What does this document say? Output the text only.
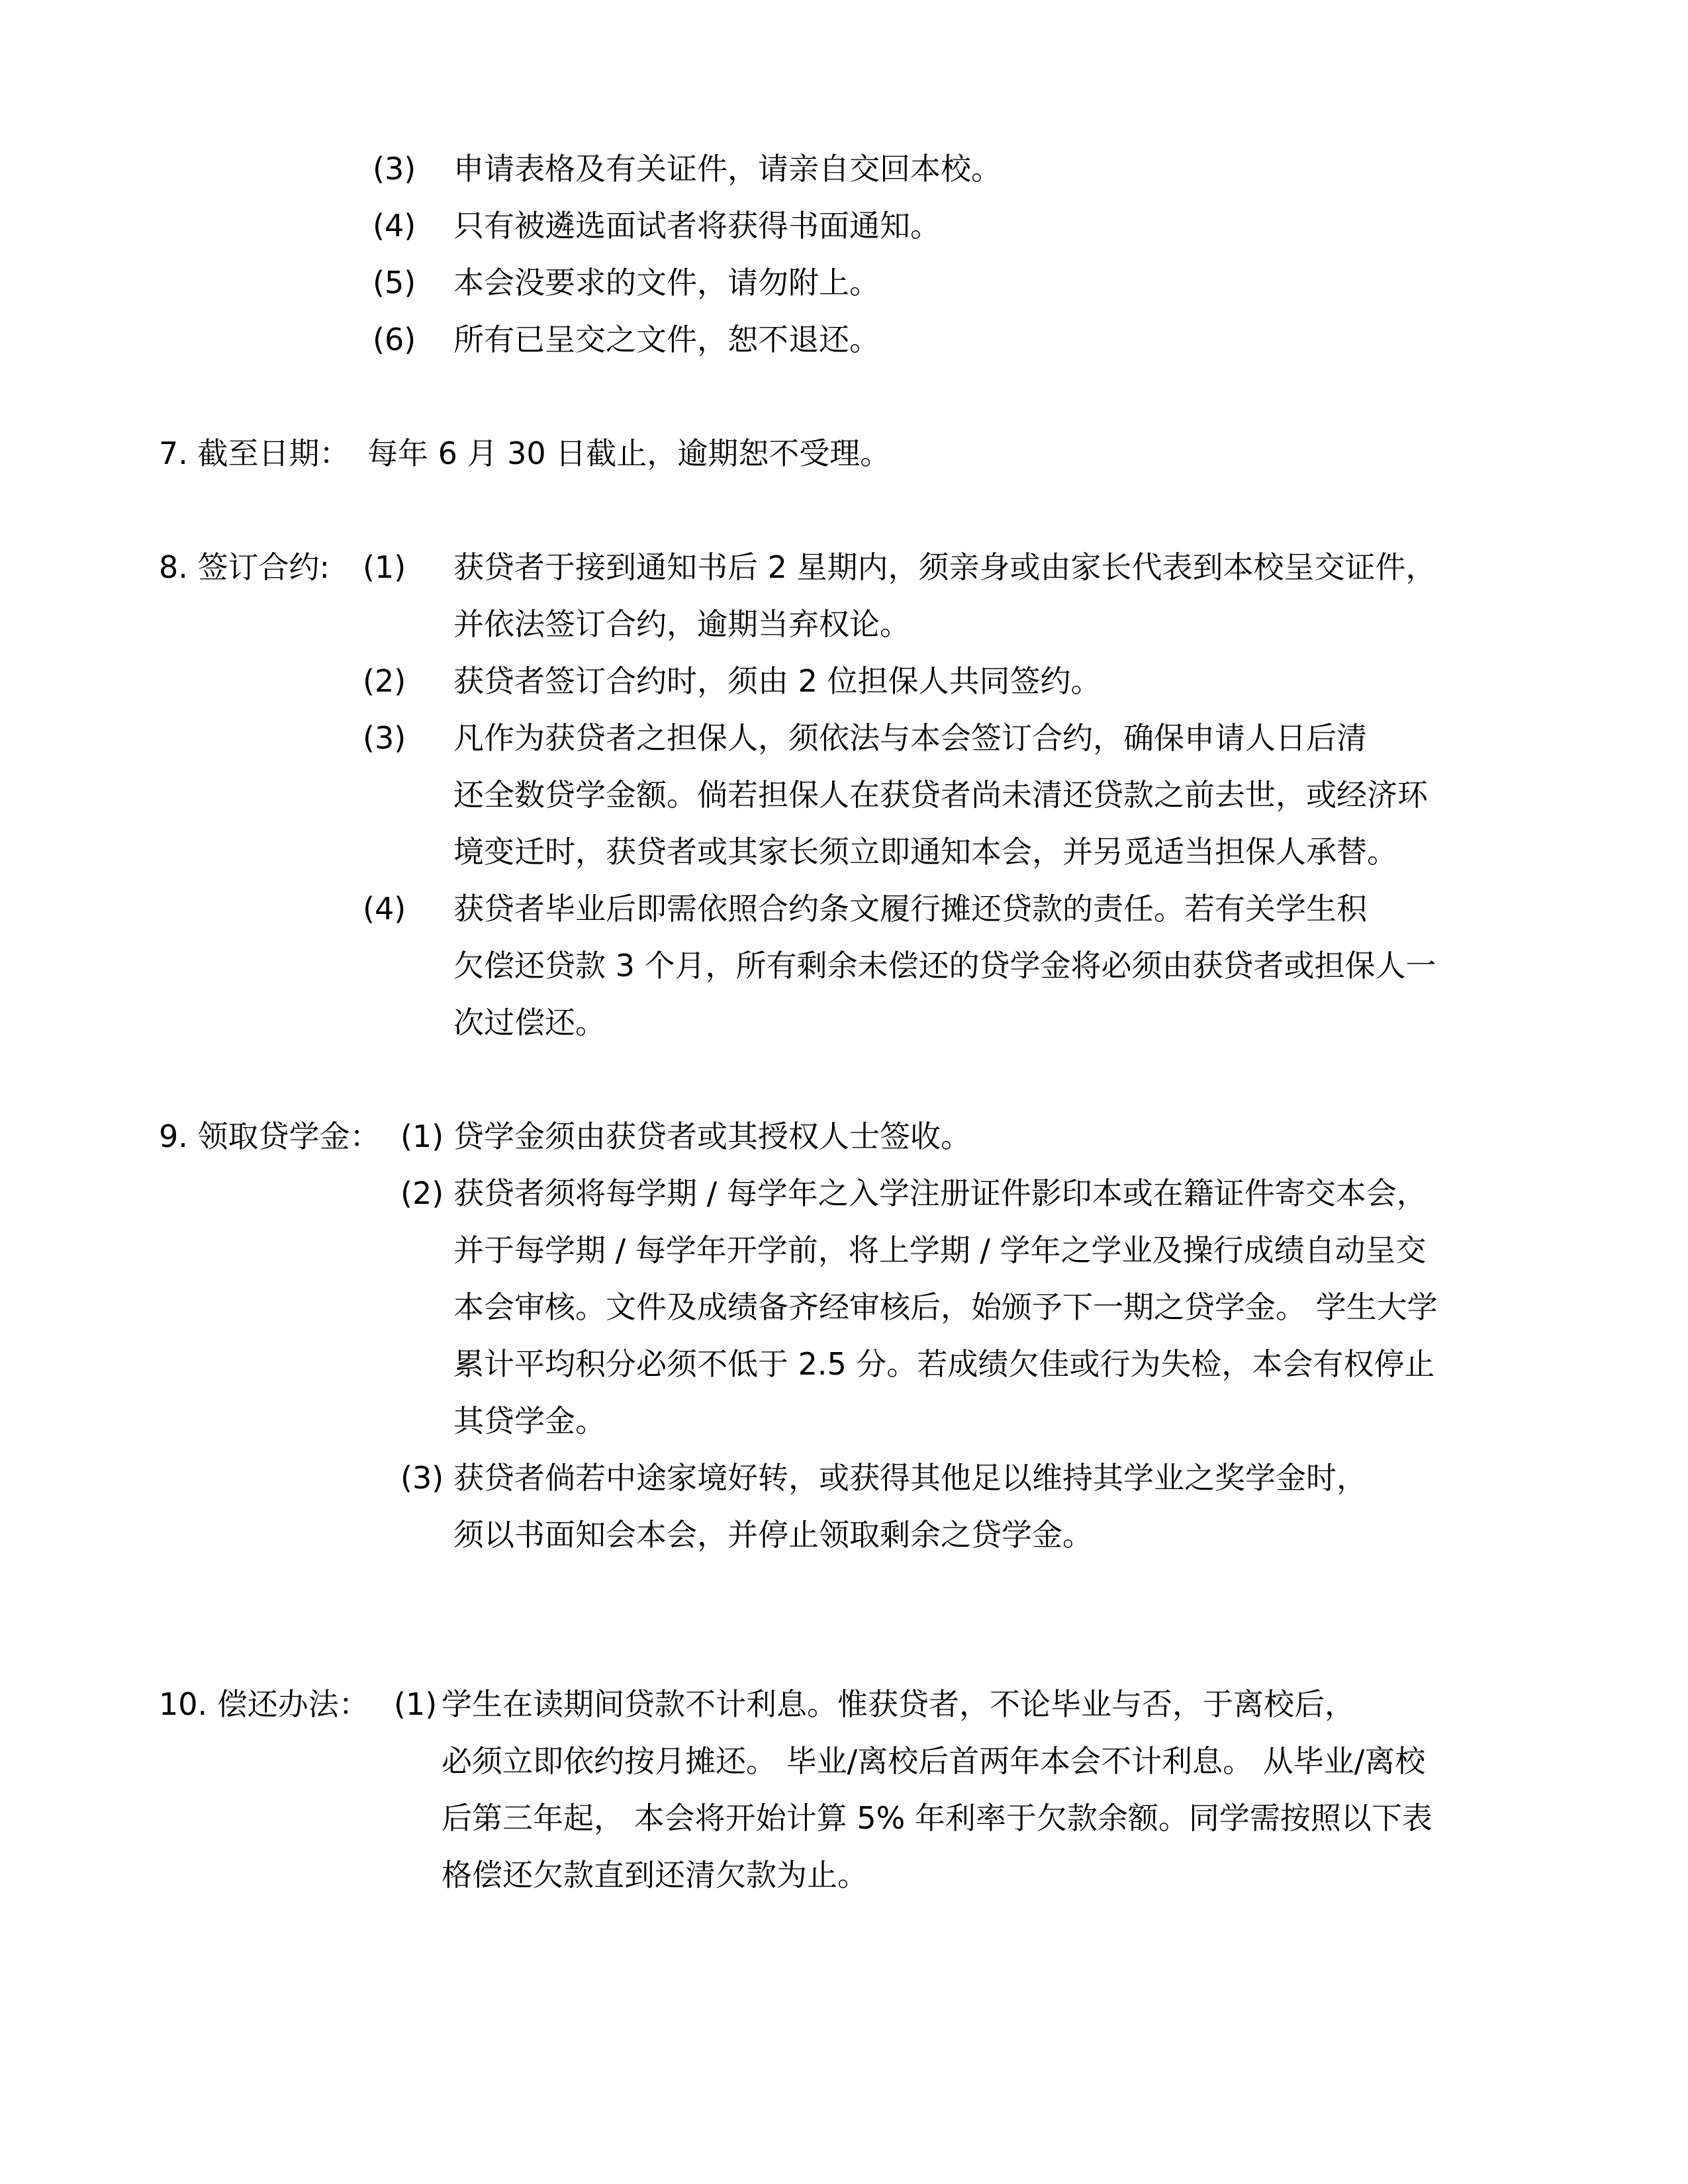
(3) 申请表格及有关证件，请亲自交回本校。
(4) 只有被遴选面试者将获得书面通知。
(5) 本会没要求的文件，请勿附上。
(6) 所有已呈交之文件，恕不退还。
7. 截至日期： 每年 6 月 30 日截止，逾期恕不受理。
8. 签订合约: (1) 获贷者于接到通知书后 2 星期内，须亲身或由家长代表到本校呈交证件，
并依法签订合约，逾期当弃权论。
(2) 获贷者签订合约时，须由 2 位担保人共同签约。
(3) 凡作为获贷者之担保人，须依法与本会签订合约，确保申请人日后清
还全数贷学金额。倘若担保人在获贷者尚未清还贷款之前去世，或经济环
境变迁时，获贷者或其家长须立即通知本会，并另觅适当担保人承替。
(4) 获贷者毕业后即需依照合约条文履行摊还贷款的责任。若有关学生积
欠偿还贷款 3 个月，所有剩余未偿还的贷学金将必须由获贷者或担保人一
次过偿还。
9. 领取贷学金： (1) 贷学金须由获贷者或其授权人士签收。
(2) 获贷者须将每学期 / 每学年之入学注册证件影印本或在籍证件寄交本会，
并于每学期 / 每学年开学前，将上学期 / 学年之学业及操行成绩自动呈交
本会审核。文件及成绩备齐经审核后，始颁予下一期之贷学金。 学生大学
累计平均积分必须不低于 2.5 分。若成绩欠佳或行为失检，本会有权停止
其贷学金。
(3) 获贷者倘若中途家境好转，或获得其他足以维持其学业之奖学金时，
须以书面知会本会，并停止领取剩余之贷学金。
10. 偿还办法： (1) 学生在读期间贷款不计利息。惟获贷者，不论毕业与否，于离校后，
必须立即依约按月摊还。 毕业/离校后首两年本会不计利息。 从毕业/离校
后第三年起， 本会将开始计算 5% 年利率于欠款余额。同学需按照以下表
格偿还欠款直到还清欠款为止。
